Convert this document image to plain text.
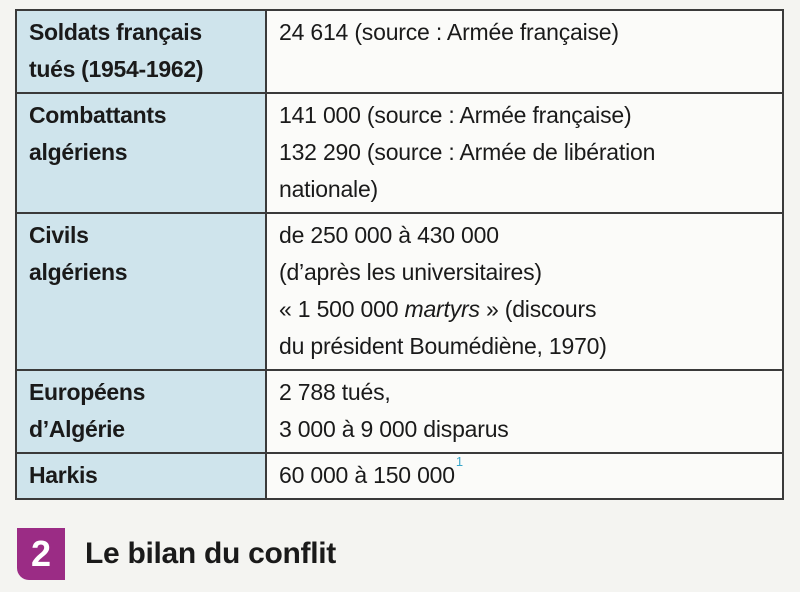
Soldats français
tués (1954-1962)	24 614 (source : Armée française)

Combattants
algériens	141 000 (source : Armée française)
132 290 (source : Armée de libération
nationale)

Civils
algériens	de 250 000 à 430 000
(d’après les universitaires)
« 1 500 000 martyrs » (discours
du président Boumédiène, 1970)

Européens
d’Algérie	2 788 tués,
3 000 à 9 000 disparus

Harkis	60 000 à 150 000$^1$
2	Le bilan du conflit
